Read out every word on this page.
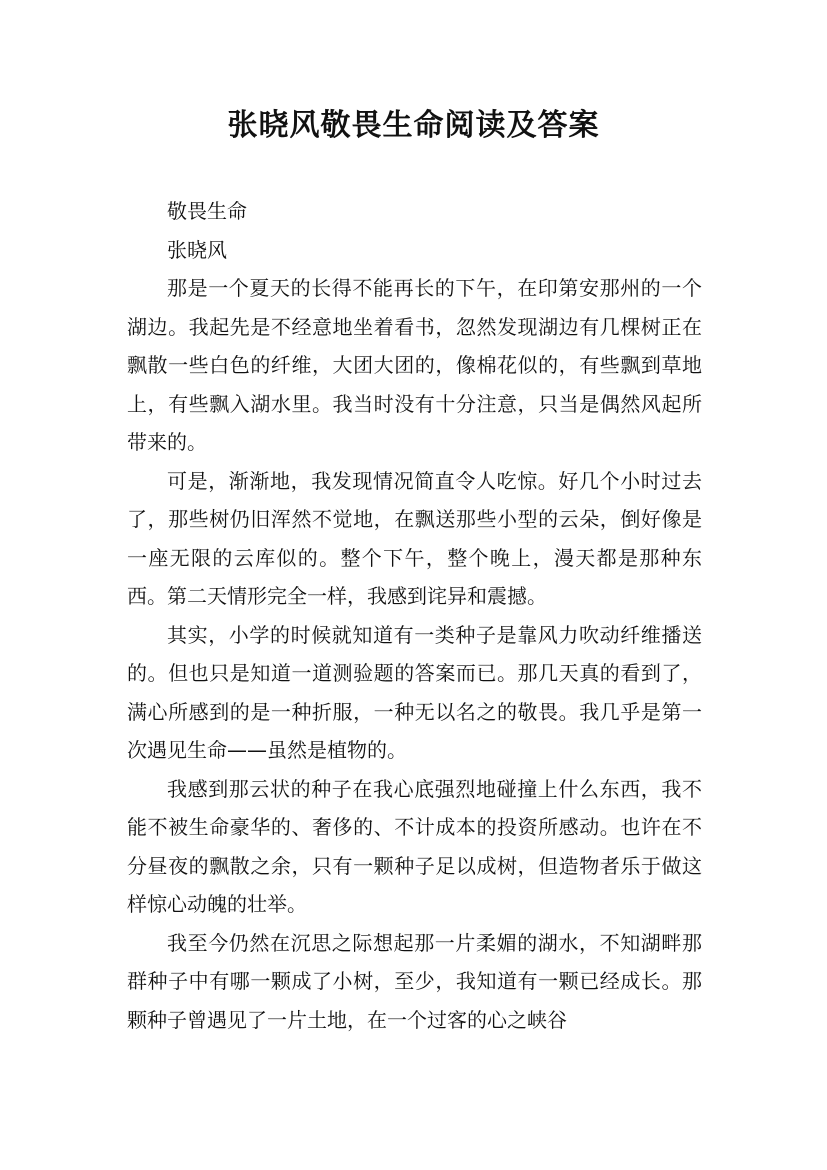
张晓风敬畏生命阅读及答案

敬畏生命

张晓风

那是一个夏天的长得不能再长的下午，在印第安那州的一个湖边。我起先是不经意地坐着看书，忽然发现湖边有几棵树正在飘散一些白色的纤维，大团大团的，像棉花似的，有些飘到草地上，有些飘入湖水里。我当时没有十分注意，只当是偶然风起所带来的。

可是，渐渐地，我发现情况简直令人吃惊。好几个小时过去了，那些树仍旧浑然不觉地，在飘送那些小型的云朵，倒好像是一座无限的云库似的。整个下午，整个晚上，漫天都是那种东西。第二天情形完全一样，我感到诧异和震撼。

其实，小学的时候就知道有一类种子是靠风力吹动纤维播送的。但也只是知道一道测验题的答案而已。那几天真的看到了，满心所感到的是一种折服，一种无以名之的敬畏。我几乎是第一次遇见生命——虽然是植物的。

我感到那云状的种子在我心底强烈地碰撞上什么东西，我不能不被生命豪华的、奢侈的、不计成本的投资所感动。也许在不分昼夜的飘散之余，只有一颗种子足以成树，但造物者乐于做这样惊心动魄的壮举。

我至今仍然在沉思之际想起那一片柔媚的湖水，不知湖畔那群种子中有哪一颗成了小树，至少，我知道有一颗已经成长。那颗种子曾遇见了一片土地，在一个过客的心之峡谷
